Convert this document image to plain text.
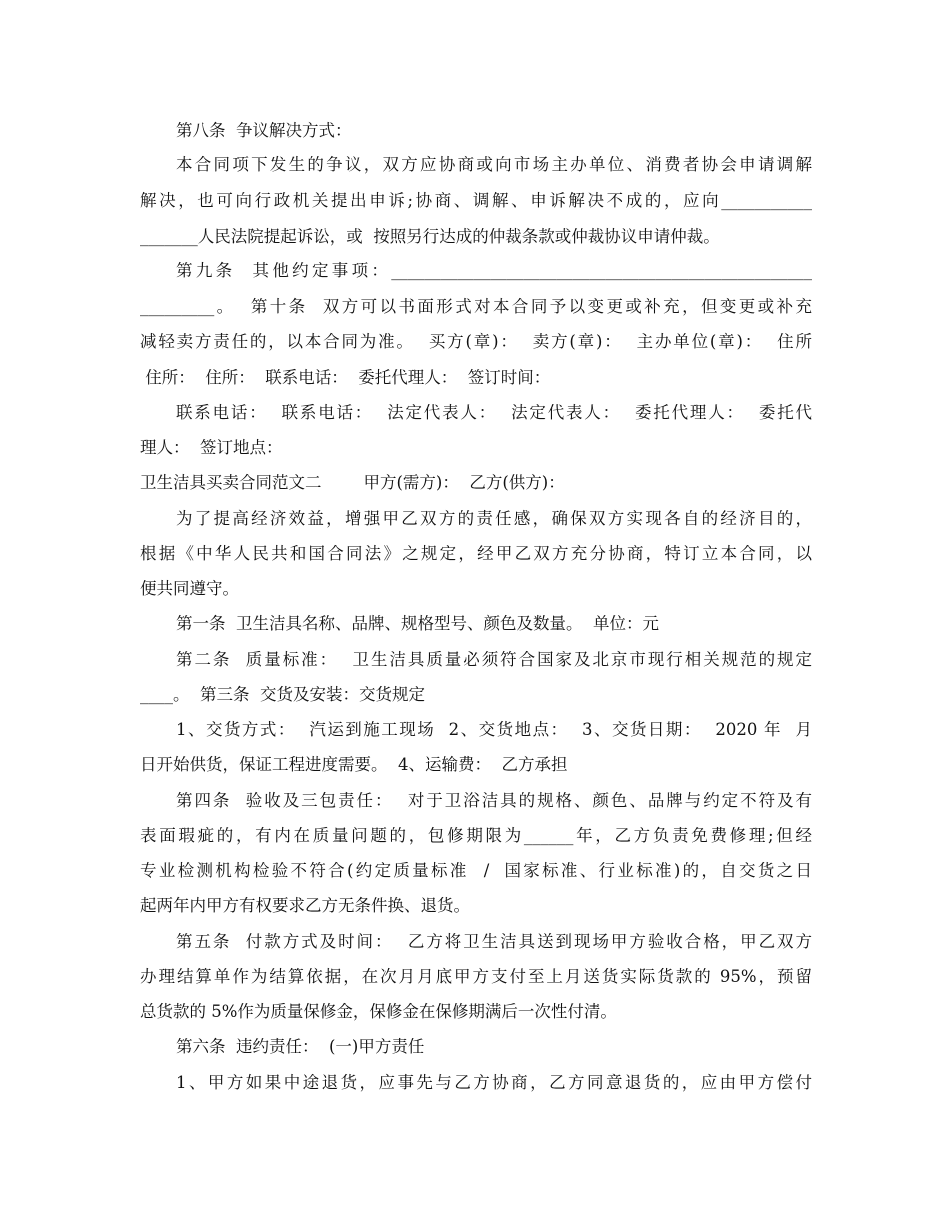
第八条  争议解决方式：
本合同项下发生的争议，双方应协商或向市场主办单位、消费者协会申请调解
解决，也可向行政机关提出申诉;协商、调解、申诉解决不成的，应向___________
_______人民法院提起诉讼，或  按照另行达成的仲裁条款或仲裁协议申请仲裁。
第九条  其他约定事项：___________________________________________________
_________。  第十条  双方可以书面形式对本合同予以变更或补充，但变更或补充
减轻卖方责任的，以本合同为准。  买方(章)：  卖方(章)：  主办单位(章)：  住所
住所：  住所：  联系电话：  委托代理人：  签订时间：
联系电话：  联系电话：  法定代表人：  法定代表人：  委托代理人：  委托代
理人：  签订地点：
卫生洁具买卖合同范文二        甲方(需方)：  乙方(供方)：
为了提高经济效益，增强甲乙双方的责任感，确保双方实现各自的经济目的，
根据《中华人民共和国合同法》之规定，经甲乙双方充分协商，特订立本合同，以
便共同遵守。
第一条  卫生洁具名称、品牌、规格型号、颜色及数量。  单位：元
第二条  质量标准：  卫生洁具质量必须符合国家及北京市现行相关规范的规定
____。  第三条  交货及安装：交货规定
1、交货方式：  汽运到施工现场  2、交货地点：  3、交货日期：  2020 年  月
日开始供货，保证工程进度需要。  4、运输费：  乙方承担
第四条  验收及三包责任：  对于卫浴洁具的规格、颜色、品牌与约定不符及有
表面瑕疵的，有内在质量问题的，包修期限为______年，乙方负责免费修理;但经
专业检测机构检验不符合(约定质量标准  /  国家标准、行业标准)的，自交货之日
起两年内甲方有权要求乙方无条件换、退货。
第五条  付款方式及时间：  乙方将卫生洁具送到现场甲方验收合格，甲乙双方
办理结算单作为结算依据，在次月月底甲方支付至上月送货实际货款的 95%，预留
总货款的 5%作为质量保修金，保修金在保修期满后一次性付清。
第六条  违约责任：  (一)甲方责任
1、甲方如果中途退货，应事先与乙方协商，乙方同意退货的，应由甲方偿付
